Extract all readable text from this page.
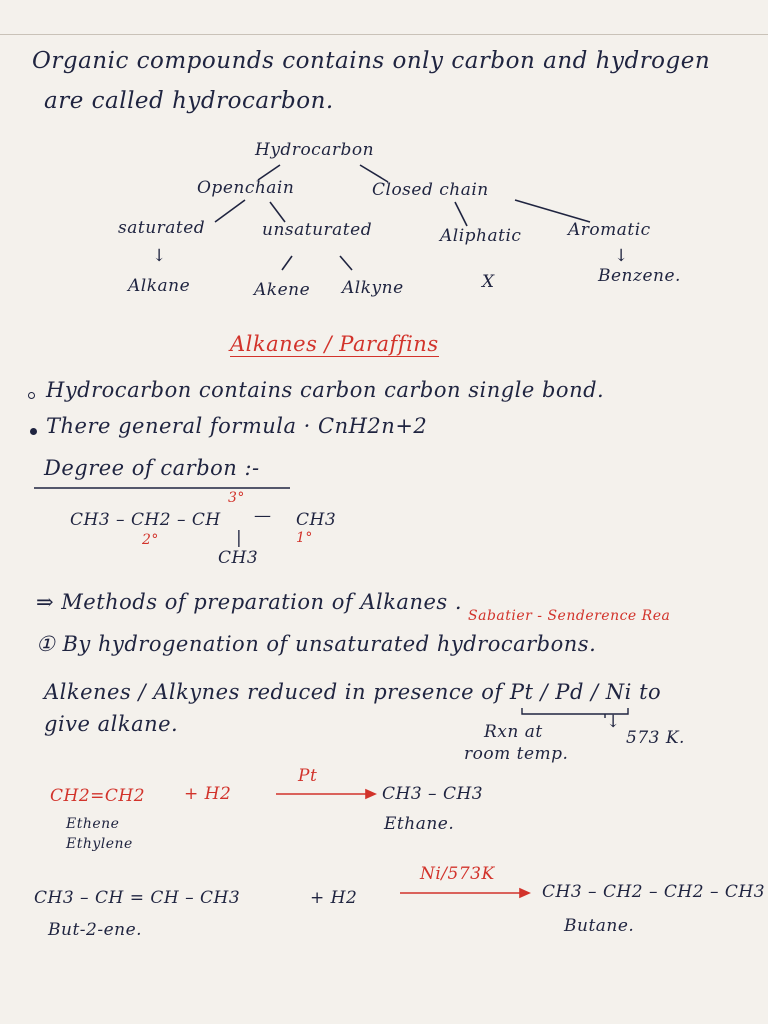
Organic compounds contains only carbon and hydrogen
are called hydrocarbon.
Hydrocarbon
Openchain	Closed chain
saturated	unsaturated	Aliphatic	Aromatic
↓	↓
Alkane	Akene Alkyne	X	Benzene.
Alkanes / Paraffins
Hydrocarbon contains carbon carbon single bond.
There general formula · CnH2n+2
Degree of carbon :-
3°
CH3 – CH2 – CH — CH3
2°	1°
|
CH3
⇒ Methods of preparation of Alkanes .
Sabatier - Senderence Rea
① By hydrogenation of unsaturated hydrocarbons.
Alkenes / Alkynes reduced in presence of Pt / Pd / Ni to
give alkane.	↓
Rxn at	573 K.
room temp.
CH2=CH2 + H2
Pt
CH3 – CH3
Ethene
Ethylene
Ethane.
CH3 – CH = CH – CH3	+ H2
Ni/573K
CH3 – CH2 – CH2 – CH3
But-2-ene.	Butane.
